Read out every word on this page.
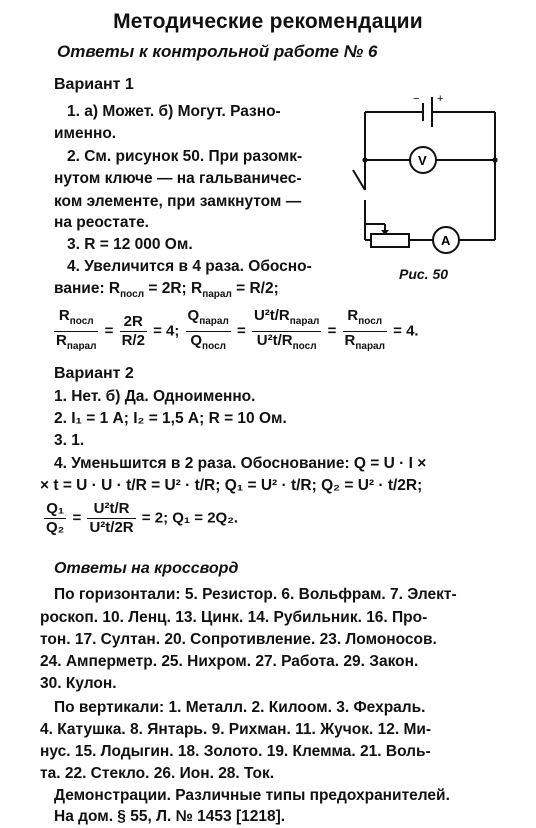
Методические рекомендации
Ответы к контрольной работе № 6
Вариант 1
1. а) Может. б) Могут. Разно-
именно.
2. См. рисунок 50. При разомк-
нутом ключе — на гальваничес-
ком элементе, при замкнутом —
на реостате.
3. R = 12 000 Ом.
4. Увеличится в 4 раза. Обосно-
вание: $R_{посл} = 2R$; $R_{парал} = R/2$;
$\frac{R_{посл}}{R_{парал}} = \frac{2R}{R/2} = 4$; $\frac{Q_{парал}}{Q_{посл}} = \frac{U^2t/R_{парал}}{U^2t/R_{посл}} = \frac{R_{посл}}{R_{парал}} = 4$.
− +
V
A
Рис. 50
Вариант 2
1. Нет. б) Да. Одноименно.
2. I₁ = 1 А; I₂ = 1,5 А; R = 10 Ом.
3. 1.
4. Уменьшится в 2 раза. Обоснование: Q = U · I ×
× t = U · U · t/R = U² · t/R; Q₁ = U² · t/R; Q₂ = U² · t/2R;
$\frac{\text{Q₁}}{\text{Q₂}} = \frac{\text{U²t/R}}{\text{U²t/2R}} = 2$; Q₁ = 2Q₂.
Ответы на кроссворд
По горизонтали: 5. Резистор. 6. Вольфрам. 7. Элект-
роскоп. 10. Ленц. 13. Цинк. 14. Рубильник. 16. Про-
тон. 17. Султан. 20. Сопротивление. 23. Ломоносов.
24. Амперметр. 25. Нихром. 27. Работа. 29. Закон.
30. Кулон.
По вертикали: 1. Металл. 2. Килоом. 3. Фехраль.
4. Катушка. 8. Янтарь. 9. Рихман. 11. Жучок. 12. Ми-
нус. 15. Лодыгин. 18. Золото. 19. Клемма. 21. Воль-
та. 22. Стекло. 26. Ион. 28. Ток.
Демонстрации. Различные типы предохранителей.
На дом. § 55, Л. № 1453 [1218].
